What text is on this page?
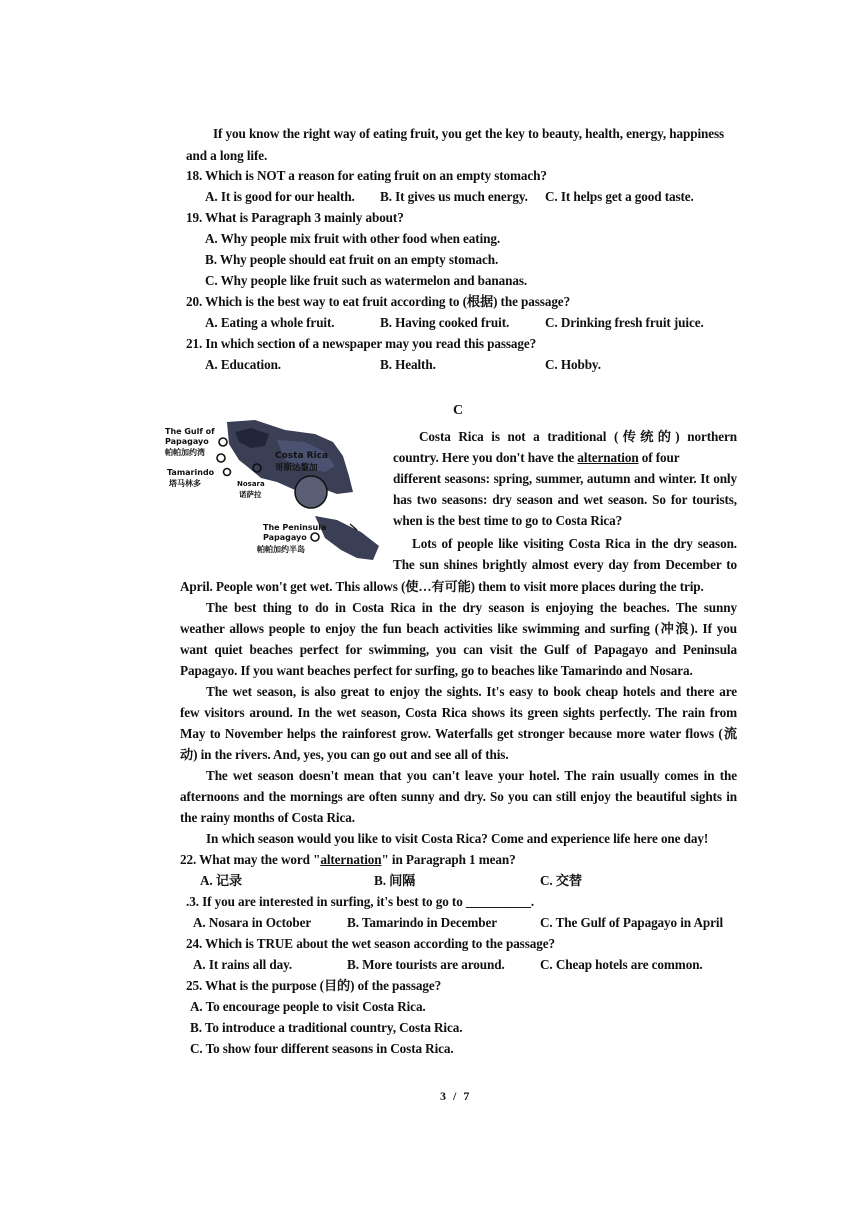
If you know the right way of eating fruit, you get the key to beauty, health, energy, happiness
and a long life.
18. Which is NOT a reason for eating fruit on an empty stomach?
A. It is good for our health. B. It gives us much energy. C. It helps get a good taste.
19. What is Paragraph 3 mainly about?
A. Why people mix fruit with other food when eating.
B. Why people should eat fruit on an empty stomach.
C. Why people like fruit such as watermelon and bananas.
20. Which is the best way to eat fruit according to (根据) the passage?
A. Eating a whole fruit.	B. Having cooked fruit.	C. Drinking fresh fruit juice.
21. In which section of a newspaper may you read this passage?
A. Education.	B. Health.	C. Hobby.
C
The Gulf of
Papagayo
帕帕加约湾	Costa Rica
哥斯达黎加
Tamarindo
塔马林多	Nosara
诺萨拉
The Peninsula
Papagayo
帕帕加约半岛
Costa Rica is not a traditional (传统的) northern
country. Here you don't have the alternation of four
different seasons: spring, summer, autumn and winter. It only
has two seasons: dry season and wet season. So for tourists,
when is the best time to go to Costa Rica?
Lots of people like visiting Costa Rica in the dry season.
The sun shines brightly almost every day from December to
April. People won't get wet. This allows (使…有可能) them to visit more places during the trip.
The best thing to do in Costa Rica in the dry season is enjoying the beaches. The sunny
weather allows people to enjoy the fun beach activities like swimming and surfing (冲浪). If you
want quiet beaches perfect for swimming, you can visit the Gulf of Papagayo and Peninsula
Papagayo. If you want beaches perfect for surfing, go to beaches like Tamarindo and Nosara.
The wet season, is also great to enjoy the sights. It's easy to book cheap hotels and there are
few visitors around. In the wet season, Costa Rica shows its green sights perfectly. The rain from
May to November helps the rainforest grow. Waterfalls get stronger because more water flows (流
动) in the rivers. And, yes, you can go out and see all of this.
The wet season doesn't mean that you can't leave your hotel. The rain usually comes in the
afternoons and the mornings are often sunny and dry. So you can still enjoy the beautiful sights in
the rainy months of Costa Rica.
In which season would you like to visit Costa Rica? Come and experience life here one day!
22. What may the word "alternation" in Paragraph 1 mean?
A. 记录	B. 间隔	C. 交替
.3. If you are interested in surfing, it's best to go to __________.
A. Nosara in October	B. Tamarindo in December	C. The Gulf of Papagayo in April
24. Which is TRUE about the wet season according to the passage?
A. It rains all day.	B. More tourists are around.	C. Cheap hotels are common.
25. What is the purpose (目的) of the passage?
A. To encourage people to visit Costa Rica.
B. To introduce a traditional country, Costa Rica.
C. To show four different seasons in Costa Rica.
3 / 7
